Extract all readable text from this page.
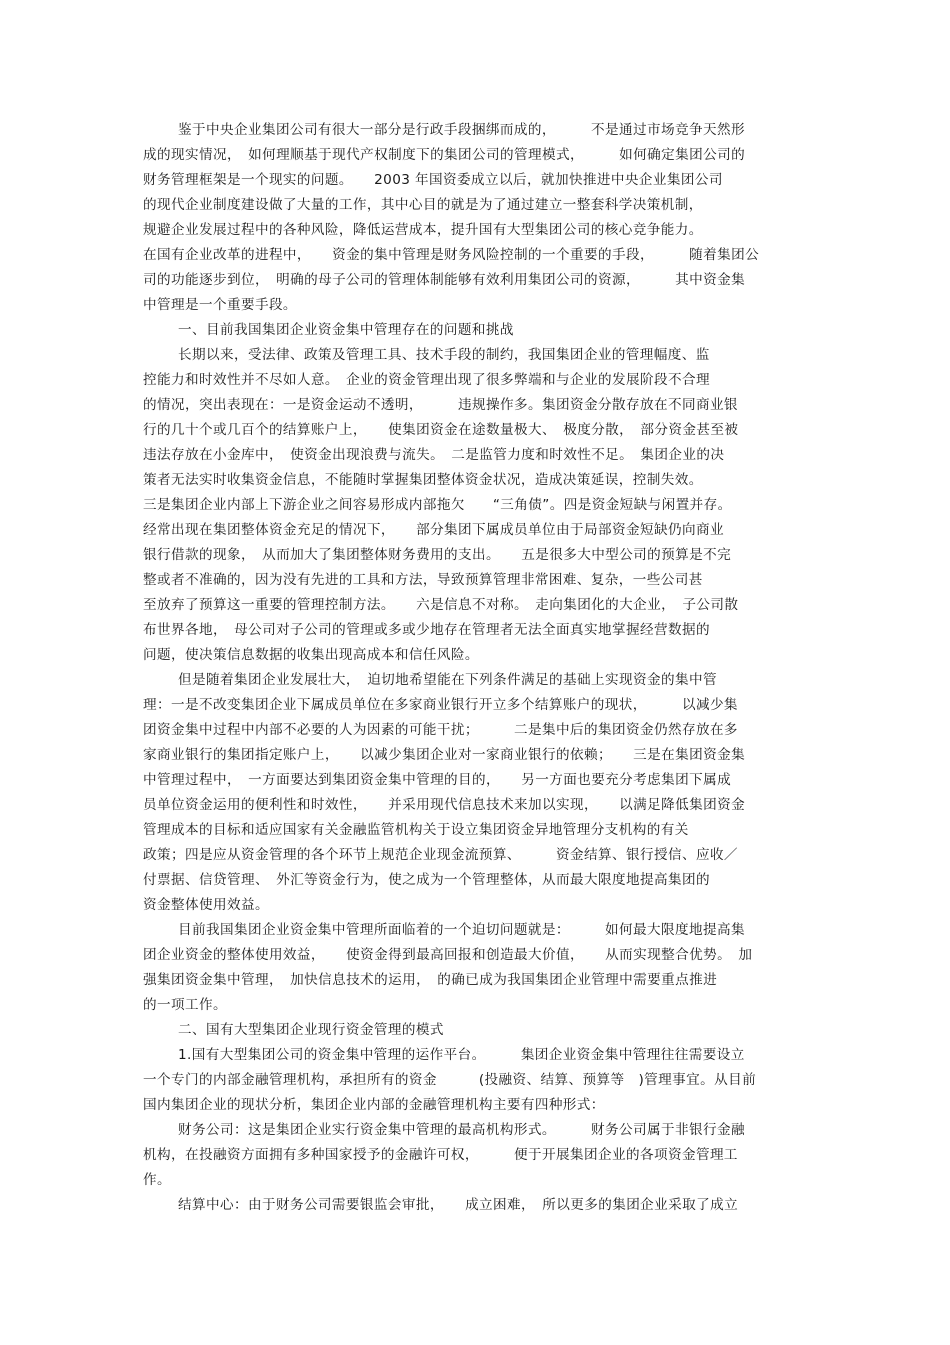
鉴于中央企业集团公司有很大一部分是行政手段捆绑而成的，　　　不是通过市场竞争天然形
成的现实情况，　如何理顺基于现代产权制度下的集团公司的管理模式，　　　如何确定集团公司的
财务管理框架是一个现实的问题。　　2003 年国资委成立以后，就加快推进中央企业集团公司
的现代企业制度建设做了大量的工作，其中心目的就是为了通过建立一整套科学决策机制，
规避企业发展过程中的各种风险，降低运营成本，提升国有大型集团公司的核心竞争能力。
在国有企业改革的进程中，　　资金的集中管理是财务风险控制的一个重要的手段，　　　随着集团公
司的功能逐步到位，　明确的母子公司的管理体制能够有效利用集团公司的资源，　　　其中资金集
中管理是一个重要手段。
一、目前我国集团企业资金集中管理存在的问题和挑战
长期以来，受法律、政策及管理工具、技术手段的制约，我国集团企业的管理幅度、监
控能力和时效性并不尽如人意。　企业的资金管理出现了很多弊端和与企业的发展阶段不合理
的情况，突出表现在：一是资金运动不透明，　　　违规操作多。集团资金分散存放在不同商业银
行的几十个或几百个的结算账户上，　　使集团资金在途数量极大、　极度分散，　部分资金甚至被
违法存放在小金库中，　使资金出现浪费与流失。　二是监管力度和时效性不足。　集团企业的决
策者无法实时收集资金信息，不能随时掌握集团整体资金状况，造成决策延误，控制失效。
三是集团企业内部上下游企业之间容易形成内部拖欠　　“三角债”。四是资金短缺与闲置并存。
经常出现在集团整体资金充足的情况下，　　部分集团下属成员单位由于局部资金短缺仍向商业
银行借款的现象，　从而加大了集团整体财务费用的支出。　　五是很多大中型公司的预算是不完
整或者不准确的，因为没有先进的工具和方法，导致预算管理非常困难、复杂，一些公司甚
至放弃了预算这一重要的管理控制方法。　　六是信息不对称。　走向集团化的大企业，　子公司散
布世界各地，　母公司对子公司的管理或多或少地存在管理者无法全面真实地掌握经营数据的
问题，使决策信息数据的收集出现高成本和信任风险。
但是随着集团企业发展壮大，　迫切地希望能在下列条件满足的基础上实现资金的集中管
理：一是不改变集团企业下属成员单位在多家商业银行开立多个结算账户的现状，　　　以减少集
团资金集中过程中内部不必要的人为因素的可能干扰；　　　二是集中后的集团资金仍然存放在多
家商业银行的集团指定账户上，　　以减少集团企业对一家商业银行的依赖；　　三是在集团资金集
中管理过程中，　一方面要达到集团资金集中管理的目的，　　另一方面也要充分考虑集团下属成
员单位资金运用的便利性和时效性，　　并采用现代信息技术来加以实现，　　以满足降低集团资金
管理成本的目标和适应国家有关金融监管机构关于设立集团资金异地管理分支机构的有关
政策；四是应从资金管理的各个环节上规范企业现金流预算、　　　资金结算、银行授信、应收／
付票据、信贷管理、　外汇等资金行为，使之成为一个管理整体，从而最大限度地提高集团的
资金整体使用效益。
目前我国集团企业资金集中管理所面临着的一个迫切问题就是：　　　如何最大限度地提高集
团企业资金的整体使用效益，　　使资金得到最高回报和创造最大价值，　　从而实现整合优势。　加
强集团资金集中管理，　加快信息技术的运用，　的确已成为我国集团企业管理中需要重点推进
的一项工作。
二、国有大型集团企业现行资金管理的模式
1.国有大型集团公司的资金集中管理的运作平台。　　　集团企业资金集中管理往往需要设立
一个专门的内部金融管理机构，承担所有的资金　　　(投融资、结算、预算等　)管理事宜。从目前
国内集团企业的现状分析，集团企业内部的金融管理机构主要有四种形式：
财务公司：这是集团企业实行资金集中管理的最高机构形式。　　　财务公司属于非银行金融
机构，在投融资方面拥有多种国家授予的金融许可权，　　　便于开展集团企业的各项资金管理工
作。
结算中心：由于财务公司需要银监会审批，　　成立困难，　所以更多的集团企业采取了成立
